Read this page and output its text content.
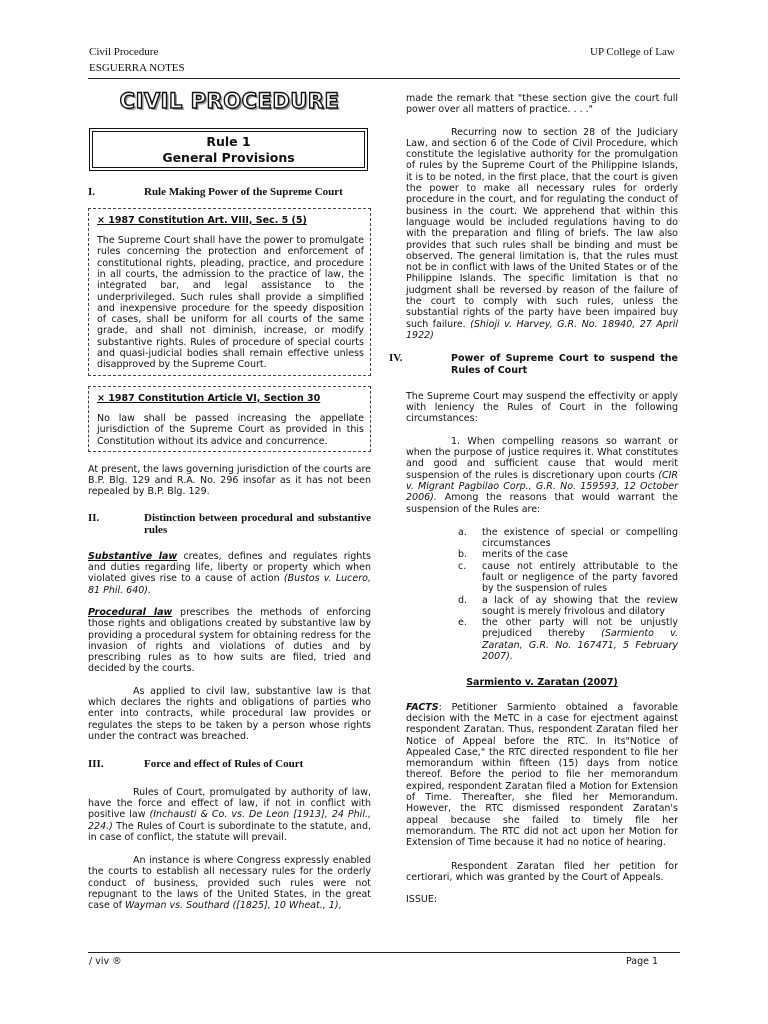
Civil Procedure
ESGUERRA NOTES
UP College of Law
CIVIL PROCEDURE
Rule 1
General Provisions
I.	Rule Making Power of the Supreme Court
× 1987 Constitution Art. VIII, Sec. 5 (5)

The Supreme Court shall have the power to promulgate rules concerning the protection and enforcement of constitutional rights, pleading, practice, and procedure in all courts, the admission to the practice of law, the integrated bar, and legal assistance to the underprivileged. Such rules shall provide a simplified and inexpensive procedure for the speedy disposition of cases, shall be uniform for all courts of the same grade, and shall not diminish, increase, or modify substantive rights. Rules of procedure of special courts and quasi-judicial bodies shall remain effective unless disapproved by the Supreme Court.

× 1987 Constitution Article VI, Section 30

No law shall be passed increasing the appellate jurisdiction of the Supreme Court as provided in this Constitution without its advice and concurrence.

At present, the laws governing jurisdiction of the courts are B.P. Blg. 129 and R.A. No. 296 insofar as it has not been repealed by B.P. Blg. 129.

II.	Distinction between procedural and substantive rules

Substantive law creates, defines and regulates rights and duties regarding life, liberty or property which when violated gives rise to a cause of action (Bustos v. Lucero, 81 Phil. 640).

Procedural law prescribes the methods of enforcing those rights and obligations created by substantive law by providing a procedural system for obtaining redress for the invasion of rights and violations of duties and by prescribing rules as to how suits are filed, tried and decided by the courts.

As applied to civil law, substantive law is that which declares the rights and obligations of parties who enter into contracts, while procedural law provides or regulates the steps to be taken by a person whose rights under the contract was breached.

III.	Force and effect of Rules of Court

Rules of Court, promulgated by authority of law, have the force and effect of law, if not in conflict with positive law (Inchausti & Co. vs. De Leon [1913], 24 Phil., 224.) The Rules of Court is subordinate to the statute, and, in case of conflict, the statute will prevail.

An instance is where Congress expressly enabled the courts to establish all necessary rules for the orderly conduct of business, provided such rules were not repugnant to the laws of the United States, in the great case of Wayman vs. Southard ([1825], 10 Wheat., 1),

made the remark that "these section give the court full power over all matters of practice. . . ."

Recurring now to section 28 of the Judiciary Law, and section 6 of the Code of Civil Procedure, which constitute the legislative authority for the promulgation of rules by the Supreme Court of the Philippine Islands, it is to be noted, in the first place, that the court is given the power to make all necessary rules for orderly procedure in the court, and for regulating the conduct of business in the court. We apprehend that within this language would be included regulations having to do with the preparation and filing of briefs. The law also provides that such rules shall be binding and must be observed. The general limitation is, that the rules must not be in conflict with laws of the United States or of the Philippine Islands. The specific limitation is that no judgment shall be reversed by reason of the failure of the court to comply with such rules, unless the substantial rights of the party have been impaired buy such failure. (Shioji v. Harvey, G.R. No. 18940, 27 April 1922)

IV.	Power of Supreme Court to suspend the Rules of Court

The Supreme Court may suspend the effectivity or apply with leniency the Rules of Court in the following circumstances:

1. When compelling reasons so warrant or when the purpose of justice requires it. What constitutes and good and sufficient cause that would merit suspension of the rules is discretionary upon courts (CIR v. Migrant Pagbilao Corp., G.R. No. 159593, 12 October 2006). Among the reasons that would warrant the suspension of the Rules are:

a.	the existence of special or compelling circumstances
b.	merits of the case
c.	cause not entirely attributable to the fault or negligence of the party favored by the suspension of rules
d.	a lack of ay showing that the review sought is merely frivolous and dilatory
e.	the other party will not be unjustly prejudiced thereby (Sarmiento v. Zaratan, G.R. No. 167471, 5 February 2007).
Sarmiento v. Zaratan (2007)

FACTS: Petitioner Sarmiento obtained a favorable decision with the MeTC in a case for ejectment against respondent Zaratan. Thus, respondent Zaratan filed her Notice of Appeal before the RTC. In its"Notice of Appealed Case," the RTC directed respondent to file her memorandum within fifteen (15) days from notice thereof. Before the period to file her memorandum expired, respondent Zaratan filed a Motion for Extension of Time. Thereafter, she filed her Memorandum. However, the RTC dismissed respondent Zaratan's appeal because she failed to timely file her memorandum. The RTC did not act upon her Motion for Extension of Time because it had no notice of hearing.

Respondent Zaratan filed her petition for certiorari, which was granted by the Court of Appeals.

ISSUE:

/ viv ®	Page 1
